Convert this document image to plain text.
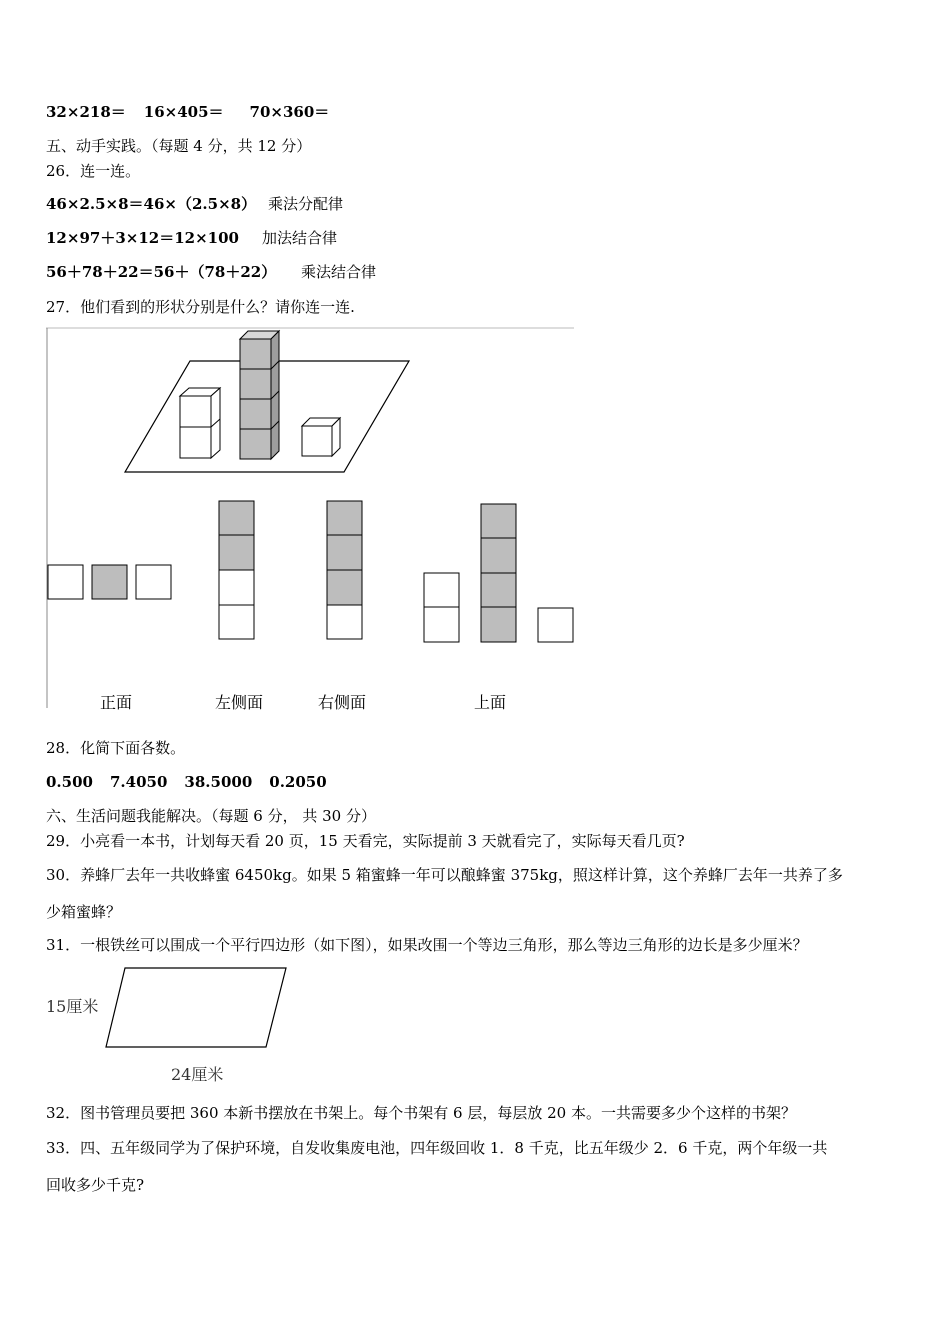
32×218＝ 16×405＝ 70×360＝
五、动手实践。（每题 4 分，共 12 分）
26．连一连。
46×2.5×8＝46×（2.5×8） 乘法分配律
12×97＋3×12＝12×100 加法结合律
56＋78＋22＝56＋（78＋22） 乘法结合律
27．他们看到的形状分别是什么？请你连一连.
正面	左侧面	右侧面	上面
28．化简下面各数。
0.500 7.4050 38.5000 0.2050
六、生活问题我能解决。（每题 6 分， 共 30 分）
29．小亮看一本书，计划每天看 20 页，15 天看完，实际提前 3 天就看完了，实际每天看几页?
30．养蜂厂去年一共收蜂蜜 6450kg。如果 5 箱蜜蜂一年可以酿蜂蜜 375kg，照这样计算，这个养蜂厂去年一共养了多
少箱蜜蜂？
31．一根铁丝可以围成一个平行四边形（如下图），如果改围一个等边三角形，那么等边三角形的边长是多少厘米？
15厘米
24厘米
32．图书管理员要把 360 本新书摆放在书架上。每个书架有 6 层，每层放 20 本。一共需要多少个这样的书架？
33．四、五年级同学为了保护环境，自发收集废电池，四年级回收 1．8 千克，比五年级少 2．6 千克，两个年级一共
回收多少千克?
